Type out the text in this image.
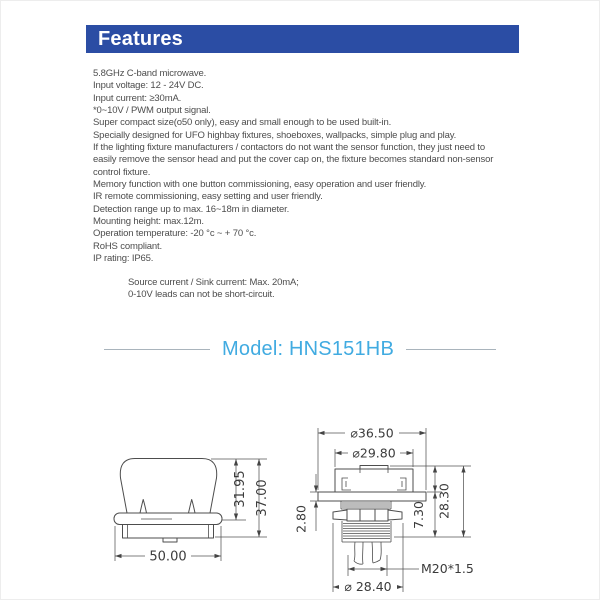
Features
5.8GHz C-band microwave.
Input voltage: 12 - 24V DC.
Input current: ≥30mA.
*0~10V / PWM output signal.
Super compact size(o50 only), easy and small enough to be used built-in.
Specially designed for UFO highbay fixtures, shoeboxes, wallpacks, simple plug and play.
If the lighting fixture manufacturers / contactors do not want the sensor function, they just need to
easily remove the sensor head and put the cover cap on, the fixture becomes standard non-sensor
control fixture.
Memory function with one button commissioning, easy operation and user friendly.
IR remote commissioning, easy setting and user friendly.
Detection range up to max. 16~18m in diameter.
Mounting height: max.12m.
Operation temperature: -20 °c ~ + 70 °c.
RoHS compliant.
IP rating: IP65.
Source current / Sink current: Max. 20mA;
0-10V leads can not be short-circuit.
Model: HNS151HB
50.00
31.95 37.00
⌀36.50
⌀29.80
2.80	7.30 28.30
M20*1.5
⌀ 28.40
